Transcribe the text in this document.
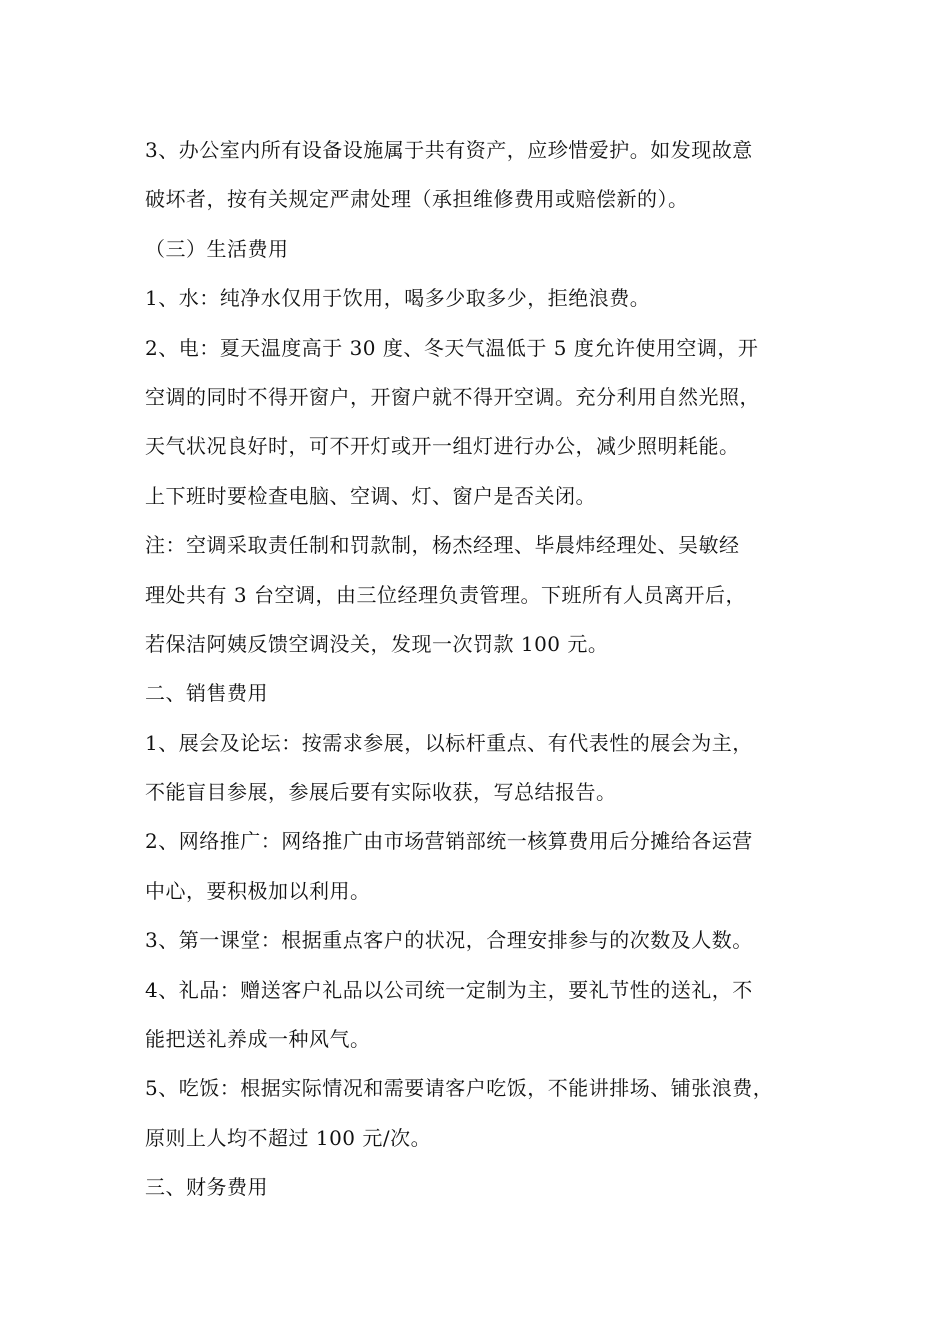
3、办公室内所有设备设施属于共有资产，应珍惜爱护。如发现故意
破坏者，按有关规定严肃处理（承担维修费用或赔偿新的）。
（三）生活费用
1、水：纯净水仅用于饮用，喝多少取多少，拒绝浪费。
2、电：夏天温度高于 30 度、冬天气温低于 5 度允许使用空调，开
空调的同时不得开窗户，开窗户就不得开空调。充分利用自然光照，
天气状况良好时，可不开灯或开一组灯进行办公，减少照明耗能。
上下班时要检查电脑、空调、灯、窗户是否关闭。
注：空调采取责任制和罚款制，杨杰经理、毕晨炜经理处、吴敏经
理处共有 3 台空调，由三位经理负责管理。下班所有人员离开后，
若保洁阿姨反馈空调没关，发现一次罚款 100 元。
二、销售费用
1、展会及论坛：按需求参展，以标杆重点、有代表性的展会为主，
不能盲目参展，参展后要有实际收获，写总结报告。
2、网络推广：网络推广由市场营销部统一核算费用后分摊给各运营
中心，要积极加以利用。
3、第一课堂：根据重点客户的状况，合理安排参与的次数及人数。
4、礼品：赠送客户礼品以公司统一定制为主，要礼节性的送礼，不
能把送礼养成一种风气。
5、吃饭：根据实际情况和需要请客户吃饭，不能讲排场、铺张浪费，
原则上人均不超过 100 元/次。
三、财务费用
